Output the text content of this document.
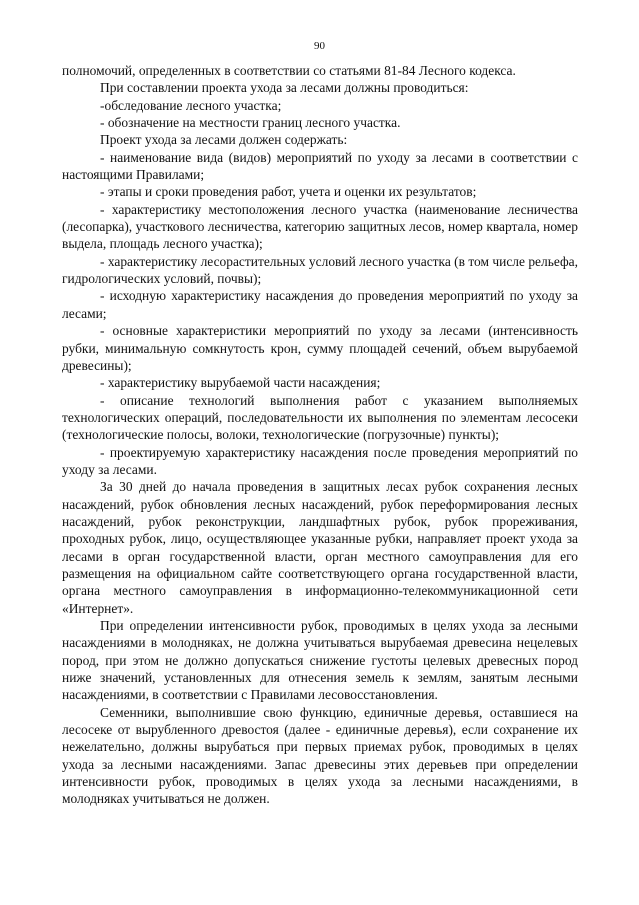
90

полномочий, определенных в соответствии со статьями 81-84 Лесного кодекса.

При составлении проекта ухода за лесами должны проводиться:

-обследование лесного участка;

- обозначение на местности границ лесного участка.

Проект ухода за лесами должен содержать:

- наименование вида (видов) мероприятий по уходу за лесами в соответствии с настоящими Правилами;

- этапы и сроки проведения работ, учета и оценки их результатов;

- характеристику местоположения лесного участка (наименование лесничества (лесопарка), участкового лесничества, категорию защитных лесов, номер квартала, номер выдела, площадь лесного участка);

- характеристику лесорастительных условий лесного участка (в том числе рельефа, гидрологических условий, почвы);

- исходную характеристику насаждения до проведения мероприятий по уходу за лесами;

- основные характеристики мероприятий по уходу за лесами (интенсивность рубки, минимальную сомкнутость крон, сумму площадей сечений, объем вырубаемой древесины);

- характеристику вырубаемой части насаждения;

- описание технологий выполнения работ с указанием выполняемых технологических операций, последовательности их выполнения по элементам лесосеки (технологические полосы, волоки, технологические (погрузочные) пункты);

- проектируемую характеристику насаждения после проведения мероприятий по уходу за лесами.

За 30 дней до начала проведения в защитных лесах рубок сохранения лесных насаждений, рубок обновления лесных насаждений, рубок переформирования лесных насаждений, рубок реконструкции, ландшафтных рубок, рубок прореживания, проходных рубок, лицо, осуществляющее указанные рубки, направляет проект ухода за лесами в орган государственной власти, орган местного самоуправления для его размещения на официальном сайте соответствующего органа государственной власти, органа местного самоуправления в информационно-телекоммуникационной сети «Интернет».

При определении интенсивности рубок, проводимых в целях ухода за лесными насаждениями в молодняках, не должна учитываться вырубаемая древесина нецелевых пород, при этом не должно допускаться снижение густоты целевых древесных пород ниже значений, установленных для отнесения земель к землям, занятым лесными насаждениями, в соответствии с Правилами лесовосстановления.

Семенники, выполнившие свою функцию, единичные деревья, оставшиеся на лесосеке от вырубленного древостоя (далее - единичные деревья), если сохранение их нежелательно, должны вырубаться при первых приемах рубок, проводимых в целях ухода за лесными насаждениями. Запас древесины этих деревьев при определении интенсивности рубок, проводимых в целях ухода за лесными насаждениями, в молодняках учитываться не должен.
